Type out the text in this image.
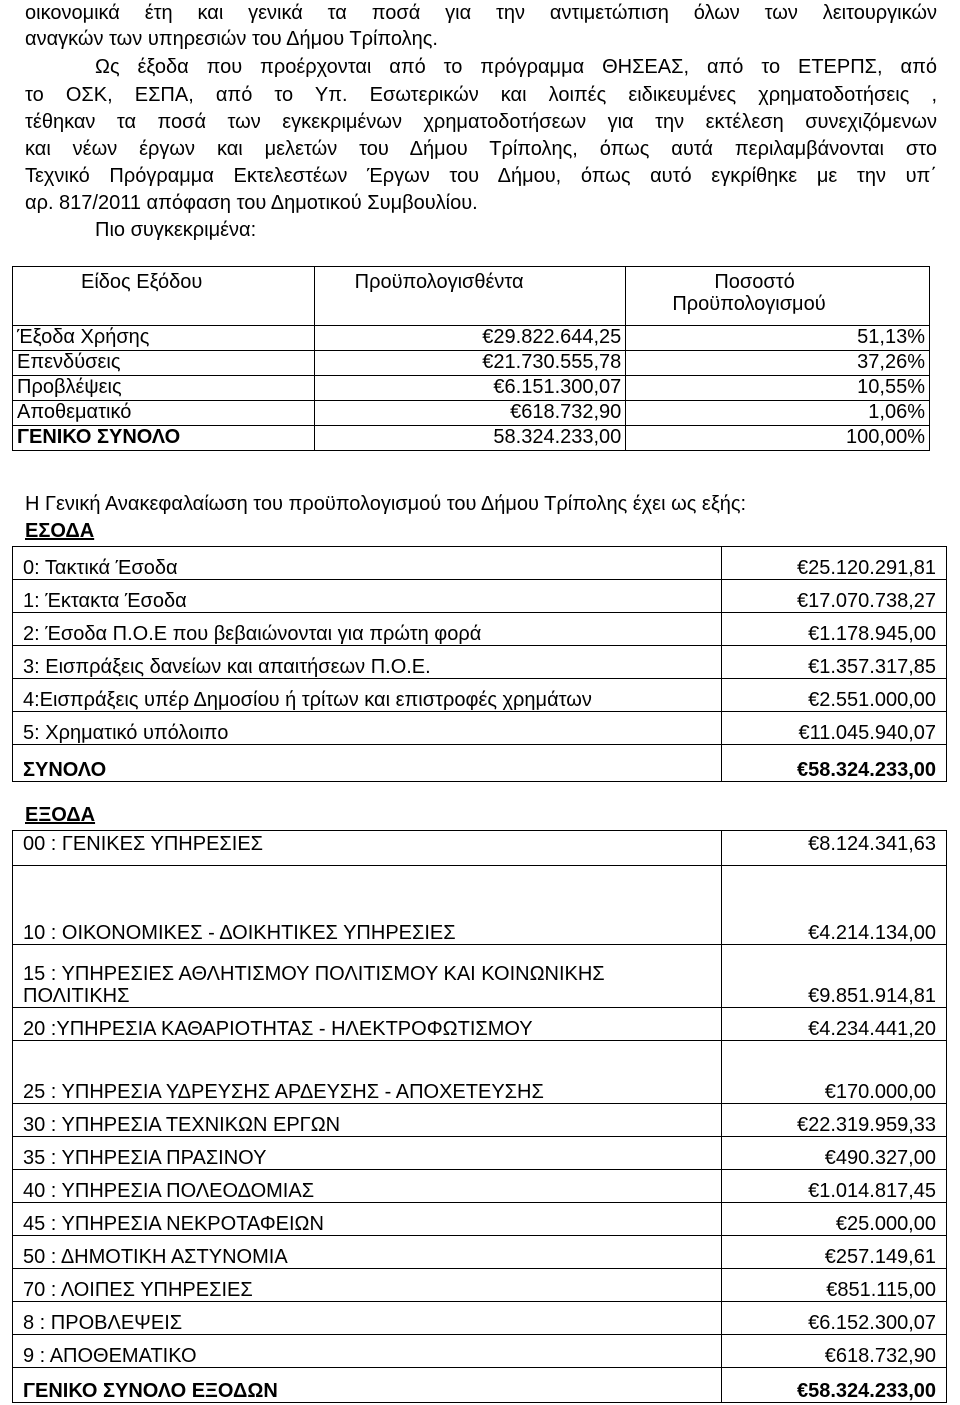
οικονομικά έτη και γενικά τα ποσά για την αντιμετώπιση όλων των λειτουργικών
αναγκών των υπηρεσιών του Δήμου Τρίπολης.
Ως έξοδα που προέρχονται από το πρόγραμμα ΘΗΣΕΑΣ, από το ΕΤΕΡΠΣ, από
το ΟΣΚ, ΕΣΠΑ, από το Υπ. Εσωτερικών και λοιπές ειδικευμένες χρηματοδοτήσεις ,
τέθηκαν τα ποσά των εγκεκριμένων χρηματοδοτήσεων για την εκτέλεση συνεχιζόμενων
και νέων έργων και μελετών του Δήμου Τρίπολης, όπως αυτά περιλαμβάνονται στο
Τεχνικό Πρόγραμμα Εκτελεστέων Έργων του Δήμου, όπως αυτό εγκρίθηκε με την υπ΄
αρ. 817/2011 απόφαση του Δημοτικού Συμβουλίου.
Πιο συγκεκριμένα:
Είδος Εξόδου	Προϋπολογισθέντα	Ποσοστό
Προϋπολογισμού

Έξοδα Χρήσης	€29.822.644,25	51,13%
Επενδύσεις	€21.730.555,78	37,26%
Προβλέψεις	€6.151.300,07	10,55%
Αποθεματικό	€618.732,90	1,06%
ΓΕΝΙΚΟ ΣΥΝΟΛΟ	58.324.233,00	100,00%
Η Γενική Ανακεφαλαίωση του προϋπολογισμού του Δήμου Τρίπολης έχει ως εξής:
ΕΣΟΔΑ
0: Τακτικά Έσοδα	€25.120.291,81
1: Έκτακτα Έσοδα	€17.070.738,27
2: Έσοδα Π.Ο.Ε που βεβαιώνονται για πρώτη φορά	€1.178.945,00
3: Εισπράξεις δανείων και απαιτήσεων Π.Ο.Ε.	€1.357.317,85
4:Εισπράξεις υπέρ Δημοσίου ή τρίτων και επιστροφές χρημάτων	€2.551.000,00
5: Χρηματικό υπόλοιπο	€11.045.940,07
ΣΥΝΟΛΟ	€58.324.233,00
ΕΞΟΔΑ
00 : ΓΕΝΙΚΕΣ ΥΠΗΡΕΣΙΕΣ	€8.124.341,63
10 : ΟΙΚΟΝΟΜΙΚΕΣ - ΔΟΙΚΗΤΙΚΕΣ ΥΠΗΡΕΣΙΕΣ	€4.214.134,00

15 : ΥΠΗΡΕΣΙΕΣ ΑΘΛΗΤΙΣΜΟΥ ΠΟΛΙΤΙΣΜΟΥ ΚΑΙ ΚΟΙΝΩΝΙΚΗΣ
ΠΟΛΙΤΙΚΗΣ	€9.851.914,81
20 :ΥΠΗΡΕΣΙΑ ΚΑΘΑΡΙΟΤΗΤΑΣ - ΗΛΕΚΤΡΟΦΩΤΙΣΜΟΥ	€4.234.441,20
25 : ΥΠΗΡΕΣΙΑ ΥΔΡΕΥΣΗΣ ΑΡΔΕΥΣΗΣ - ΑΠΟΧΕΤΕΥΣΗΣ	€170.000,00
30 : ΥΠΗΡΕΣΙΑ ΤΕΧΝΙΚΩΝ ΕΡΓΩΝ	€22.319.959,33
35 : ΥΠΗΡΕΣΙΑ ΠΡΑΣΙΝΟΥ	€490.327,00
40 : ΥΠΗΡΕΣΙΑ ΠΟΛΕΟΔΟΜΙΑΣ	€1.014.817,45
45 : ΥΠΗΡΕΣΙΑ ΝΕΚΡΟΤΑΦΕΙΩΝ	€25.000,00
50 : ΔΗΜΟΤΙΚΗ ΑΣΤΥΝΟΜΙΑ	€257.149,61
70 : ΛΟΙΠΕΣ ΥΠΗΡΕΣΙΕΣ	€851.115,00
8 : ΠΡΟΒΛΕΨΕΙΣ	€6.152.300,07
9 : ΑΠΟΘΕΜΑΤΙΚΟ	€618.732,90
ΓΕΝΙΚΟ ΣΥΝΟΛΟ ΕΞΟΔΩΝ	€58.324.233,00
